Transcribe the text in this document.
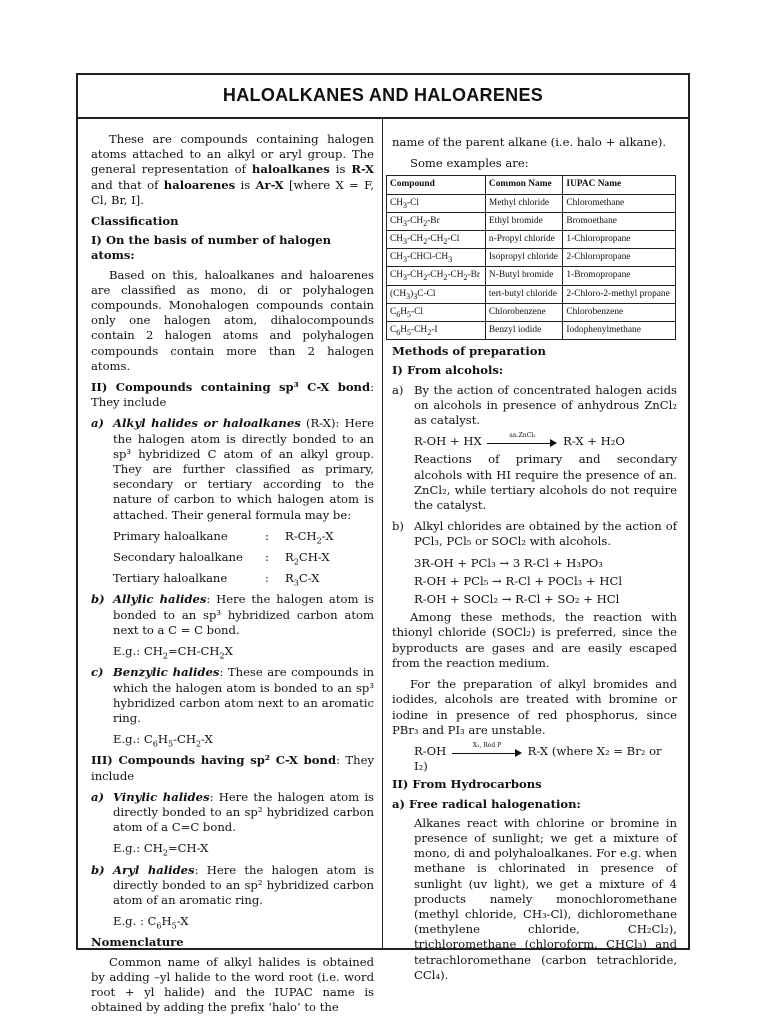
HALOALKANES AND HALOARENES

These are compounds containing halogen atoms attached to an alkyl or aryl group. The general representation of haloalkanes is R-X and that of haloarenes is Ar-X [where X = F, Cl, Br, I].

Classification
I) On the basis of number of halogen atoms:

Based on this, haloalkanes and haloarenes are classified as mono, di or polyhalogen compounds. Monohalogen compounds contain only one halogen atom, dihalocompounds contain 2 halogen atoms and polyhalogen compounds contain more than 2 halogen atoms.

II) Compounds containing sp³ C-X bond: They include

a) Alkyl halides or haloalkanes (R-X): Here the halogen atom is directly bonded to an sp³ hybridized C atom of an alkyl group. They are further classified as primary, secondary or tertiary according to the nature of carbon to which halogen atom is attached. Their general formula may be:
Primary haloalkane	:	$R-CH_2-X$
Secondary haloalkane	:	$R_2CH-X$
Tertiary haloalkane	:	$R_3C-X$
b) Allylic halides: Here the halogen atom is bonded to an sp³ hybridized carbon atom next to a C = C bond.
E.g.: $CH_2=CH-CH_2X$
c) Benzylic halides: These are compounds in which the halogen atom is bonded to an sp³ hybridized carbon atom next to an aromatic ring.
E.g.: $C_6H_5-CH_2-X$

III) Compounds having sp² C-X bond: They include

a) Vinylic halides: Here the halogen atom is directly bonded to an sp² hybridized carbon atom of a C=C bond.
E.g.: $CH_2=CH-X$
b) Aryl halides: Here the halogen atom is directly bonded to an sp² hybridized carbon atom of an aromatic ring.
E.g. : $C_6H_5-X$
Nomenclature

Common name of alkyl halides is obtained by adding –yl halide to the word root (i.e. word root + yl halide) and the IUPAC name is obtained by adding the prefix ‘halo’ to the

name of the parent alkane (i.e. halo + alkane).

Some examples are:

Compound	Common Name	IUPAC Name
$CH_3-Cl$	Methyl chloride	Chloromethane
$CH_3-CH_2-Br$	Ethyl bromide	Bromoethane
$CH_3-CH_2-CH_2-Cl$	n-Propyl chloride	1-Chloropropane
$CH_3-CHCl-CH_3$	Isopropyl chloride	2-Chloropropane
$CH_3-CH_2-CH_2-CH_2-Br$	N-Butyl bromide	1-Bromopropane
$(CH_3)_3C-Cl$	tert-butyl chloride	2-Chloro-2-methyl propane
$C_6H_5-Cl$	Chlorobenzene	Chlorobenzene
$C_6H_5-CH_2-I$	Benzyl iodide	Iodophenylmethane
Methods of preparation
I) From alcohols:
a) By the action of concentrated halogen acids on alcohols in presence of anhydrous ZnCl₂ as catalyst.
R-OH + HX	an.ZnCl₂	R-X + H₂O

Reactions of primary and secondary alcohols with HI require the presence of an. ZnCl₂, while tertiary alcohols do not require the catalyst.

b) Alkyl chlorides are obtained by the action of PCl₃, PCl₅ or SOCl₂ with alcohols.
3R-OH + PCl₃ → 3 R-Cl + H₃PO₃
R-OH + PCl₅ → R-Cl + POCl₃ + HCl
R-OH + SOCl₂ → R-Cl + SO₂ + HCl

Among these methods, the reaction with thionyl chloride (SOCl₂) is preferred, since the byproducts are gases and are easily escaped from the reaction medium.

For the preparation of alkyl bromides and iodides, alcohols are treated with bromine or iodine in presence of red phosphorus, since PBr₃ and PI₃ are unstable.

R-OH	X₂, Red P	R-X (where X₂ = Br₂ or I₂)
II) From Hydrocarbons
a) Free radical halogenation:

Alkanes react with chlorine or bromine in presence of sunlight; we get a mixture of mono, di and polyhaloalkanes. For e.g. when methane is chlorinated in presence of sunlight (uv light), we get a mixture of 4 products namely monochloromethane (methyl chloride, CH₃-Cl), dichloromethane (methylene chloride, CH₂Cl₂), trichloromethane (chloroform, CHCl₃) and tetrachloromethane (carbon tetrachloride, CCl₄).
